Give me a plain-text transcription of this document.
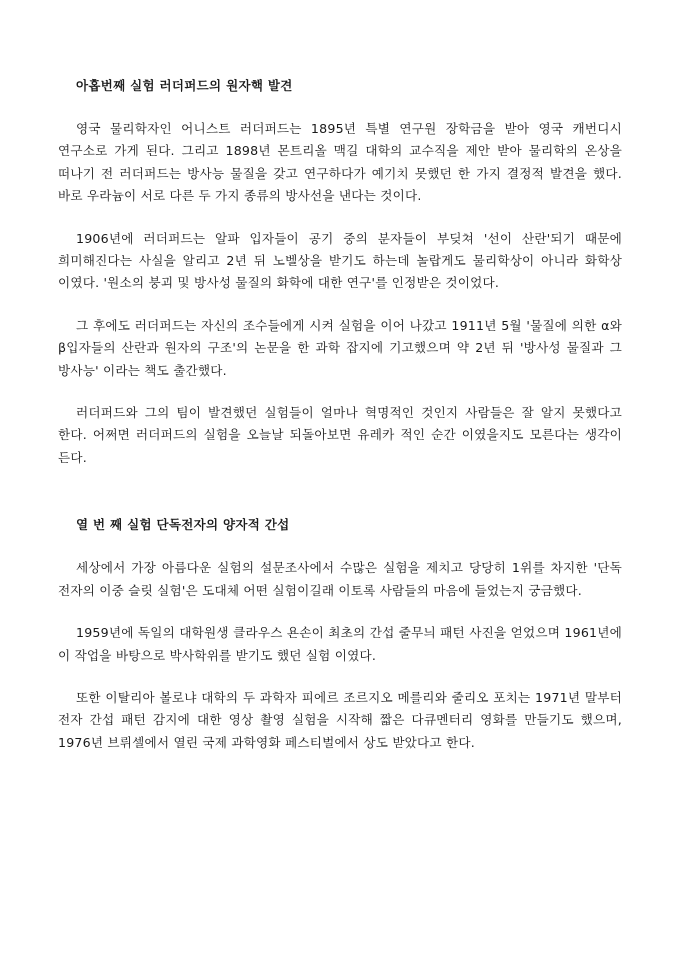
아홉번째 실험 러더퍼드의 원자핵 발견

영국 물리학자인 어니스트 러더퍼드는 1895년 특별 연구원 장학금을 받아 영국 캐번디시 연구소로 가게 된다. 그리고 1898년 몬트리올 맥길 대학의 교수직을 제안 받아 물리학의 온상을 떠나기 전 러더퍼드는 방사능 물질을 갖고 연구하다가 예기치 못했던 한 가지 결정적 발견을 했다. 바로 우라늄이 서로 다른 두 가지 종류의 방사선을 낸다는 것이다.

1906년에 러더퍼드는 알파 입자들이 공기 중의 분자들이 부딪쳐 '선이 산란'되기 때문에 희미해진다는 사실을 알리고 2년 뒤 노벨상을 받기도 하는데 놀랍게도 물리학상이 아니라 화학상 이였다. '원소의 붕괴 및 방사성 물질의 화학에 대한 연구'를 인정받은 것이었다.

그 후에도 러더퍼드는 자신의 조수들에게 시켜 실험을 이어 나갔고 1911년 5월 '물질에 의한 α와 β입자들의 산란과 원자의 구조'의 논문을 한 과학 잡지에 기고했으며 약 2년 뒤 '방사성 물질과 그 방사능' 이라는 책도 출간했다.

러더퍼드와 그의 팀이 발견했던 실험들이 얼마나 혁명적인 것인지 사람들은 잘 알지 못했다고 한다. 어쩌면 러더퍼드의 실험을 오늘날 되돌아보면 유레카 적인 순간 이였을지도 모른다는 생각이 든다.

열 번 째 실험 단독전자의 양자적 간섭

세상에서 가장 아름다운 실험의 설문조사에서 수많은 실험을 제치고 당당히 1위를 차지한 '단독 전자의 이중 슬릿 실험'은 도대체 어떤 실험이길래 이토록 사람들의 마음에 들었는지 궁금했다.

1959년에 독일의 대학원생 클라우스 욘손이 최초의 간섭 줄무늬 패턴 사진을 얻었으며 1961년에 이 작업을 바탕으로 박사학위를 받기도 했던 실험 이였다.

또한 이탈리아 볼로냐 대학의 두 과학자 피에르 조르지오 메를리와 줄리오 포치는 1971년 말부터 전자 간섭 패턴 감지에 대한 영상 촬영 실험을 시작해 짧은 다큐멘터리 영화를 만들기도 했으며, 1976년 브뤼셀에서 열린 국제 과학영화 페스티벌에서 상도 받았다고 한다.
